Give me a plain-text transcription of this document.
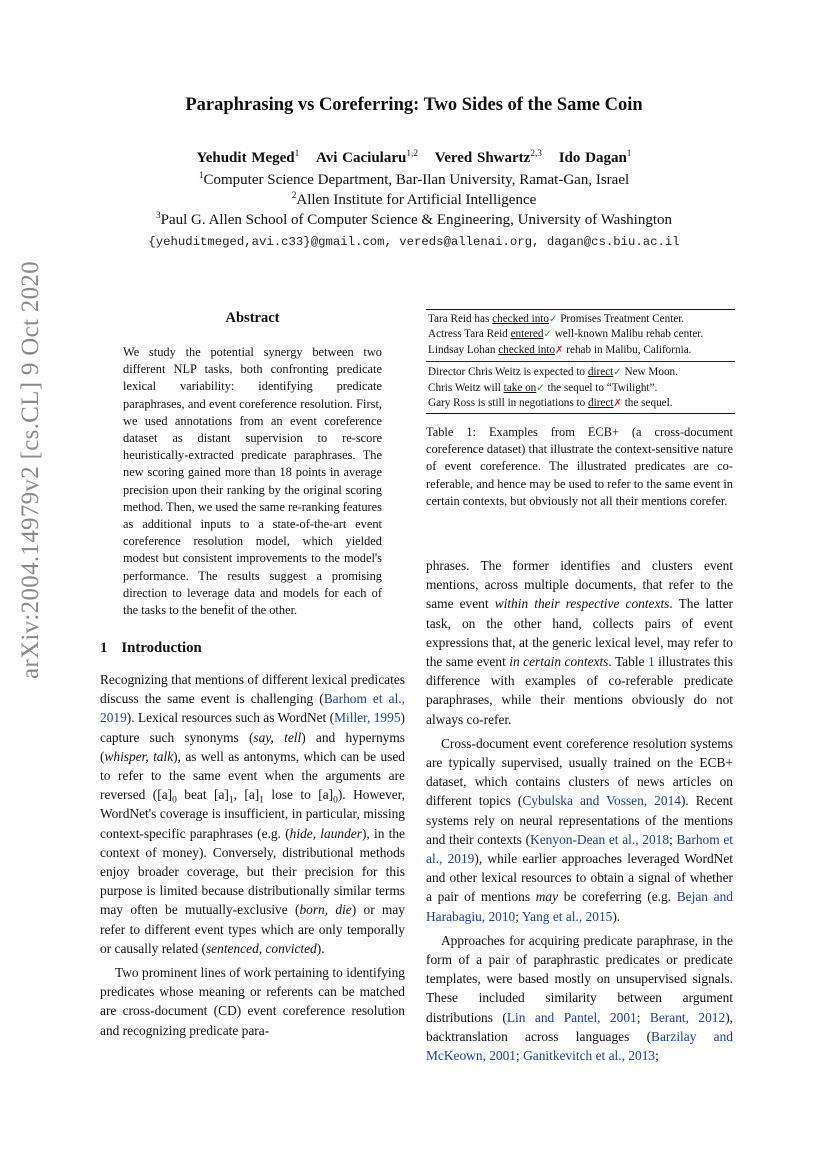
arXiv:2004.14979v2 [cs.CL] 9 Oct 2020
Paraphrasing vs Coreferring: Two Sides of the Same Coin
Yehudit Meged$^1$ Avi Caciularu$^{1,2}$ Vered Shwartz$^{2,3}$ Ido Dagan$^1$
$^1$Computer Science Department, Bar-Ilan University, Ramat-Gan, Israel
$^2$Allen Institute for Artificial Intelligence
$^3$Paul G. Allen School of Computer Science & Engineering, University of Washington
{yehuditmeged,avi.c33}@gmail.com, vereds@allenai.org, dagan@cs.biu.ac.il
Abstract
We study the potential synergy between two different NLP tasks, both confronting predicate lexical variability: identifying predicate paraphrases, and event coreference resolution. First, we used annotations from an event coreference dataset as distant supervision to re-score heuristically-extracted predicate paraphrases. The new scoring gained more than 18 points in average precision upon their ranking by the original scoring method. Then, we used the same re-ranking features as additional inputs to a state-of-the-art event coreference resolution model, which yielded modest but consistent improvements to the model's performance. The results suggest a promising direction to leverage data and models for each of the tasks to the benefit of the other.
1 Introduction

Recognizing that mentions of different lexical predicates discuss the same event is challenging (Barhom et al., 2019). Lexical resources such as WordNet (Miller, 1995) capture such synonyms (say, tell) and hypernyms (whisper, talk), as well as antonyms, which can be used to refer to the same event when the arguments are reversed ($[a]_0$ beat $[a]_1$, $[a]_1$ lose to $[a]_0$). However, WordNet's coverage is insufficient, in particular, missing context-specific paraphrases (e.g. (hide, launder), in the context of money). Conversely, distributional methods enjoy broader coverage, but their precision for this purpose is limited because distributionally similar terms may often be mutually-exclusive (born, die) or may refer to different event types which are only temporally or causally related (sentenced, convicted).

Two prominent lines of work pertaining to identifying predicates whose meaning or referents can be matched are cross-document (CD) event coreference resolution and recognizing predicate para-

Tara Reid has checked into✓ Promises Treatment Center.
Actress Tara Reid entered✓ well-known Malibu rehab center.
Lindsay Lohan checked into✗ rehab in Malibu, California.
Director Chris Weitz is expected to direct✓ New Moon.
Chris Weitz will take on✓ the sequel to “Twilight”.
Gary Ross is still in negotiations to direct✗ the sequel.
Table 1: Examples from ECB+ (a cross-document coreference dataset) that illustrate the context-sensitive nature of event coreference. The illustrated predicates are co-referable, and hence may be used to refer to the same event in certain contexts, but obviously not all their mentions corefer.

phrases. The former identifies and clusters event mentions, across multiple documents, that refer to the same event within their respective contexts. The latter task, on the other hand, collects pairs of event expressions that, at the generic lexical level, may refer to the same event in certain contexts. Table 1 illustrates this difference with examples of co-referable predicate paraphrases, while their mentions obviously do not always co-refer.

Cross-document event coreference resolution systems are typically supervised, usually trained on the ECB+ dataset, which contains clusters of news articles on different topics (Cybulska and Vossen, 2014). Recent systems rely on neural representations of the mentions and their contexts (Kenyon-Dean et al., 2018; Barhom et al., 2019), while earlier approaches leveraged WordNet and other lexical resources to obtain a signal of whether a pair of mentions may be coreferring (e.g. Bejan and Harabagiu, 2010; Yang et al., 2015).

Approaches for acquiring predicate paraphrase, in the form of a pair of paraphrastic predicates or predicate templates, were based mostly on unsupervised signals. These included similarity between argument distributions (Lin and Pantel, 2001; Berant, 2012), backtranslation across languages (Barzilay and McKeown, 2001; Ganitkevitch et al., 2013;
